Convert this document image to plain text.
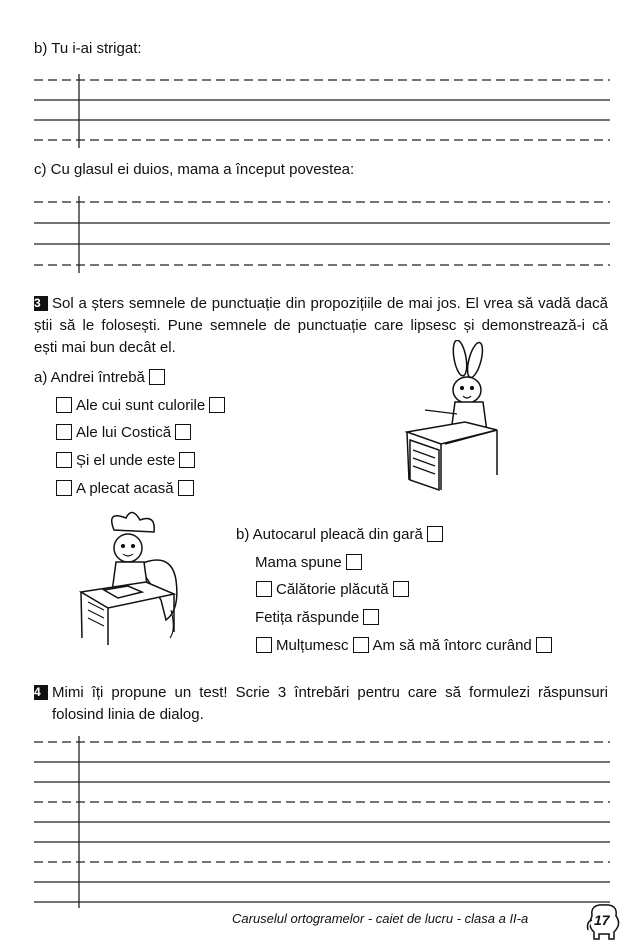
b) Tu i-ai strigat:
c) Cu glasul ei duios, mama a început povestea:
3 Sol a șters semnele de punctuație din propozițiile de mai jos. El vrea să vadă dacă
știi să le folosești. Pune semnele de punctuație care lipsesc și demonstrează-i că
ești mai bun decât el.
a) Andrei întrebă
Ale cui sunt culorile
Ale lui Costică
Și el unde este
A plecat acasă
b) Autocarul pleacă din gară
Mama spune
Călătorie plăcută
Fetița răspunde
Mulțumesc Am să mă întorc curând
4 Mimi îți propune un test! Scrie 3 întrebări pentru care să formulezi răspunsuri
folosind linia de dialog.
Caruselul ortogramelor - caiet de lucru - clasa a II-a	17
